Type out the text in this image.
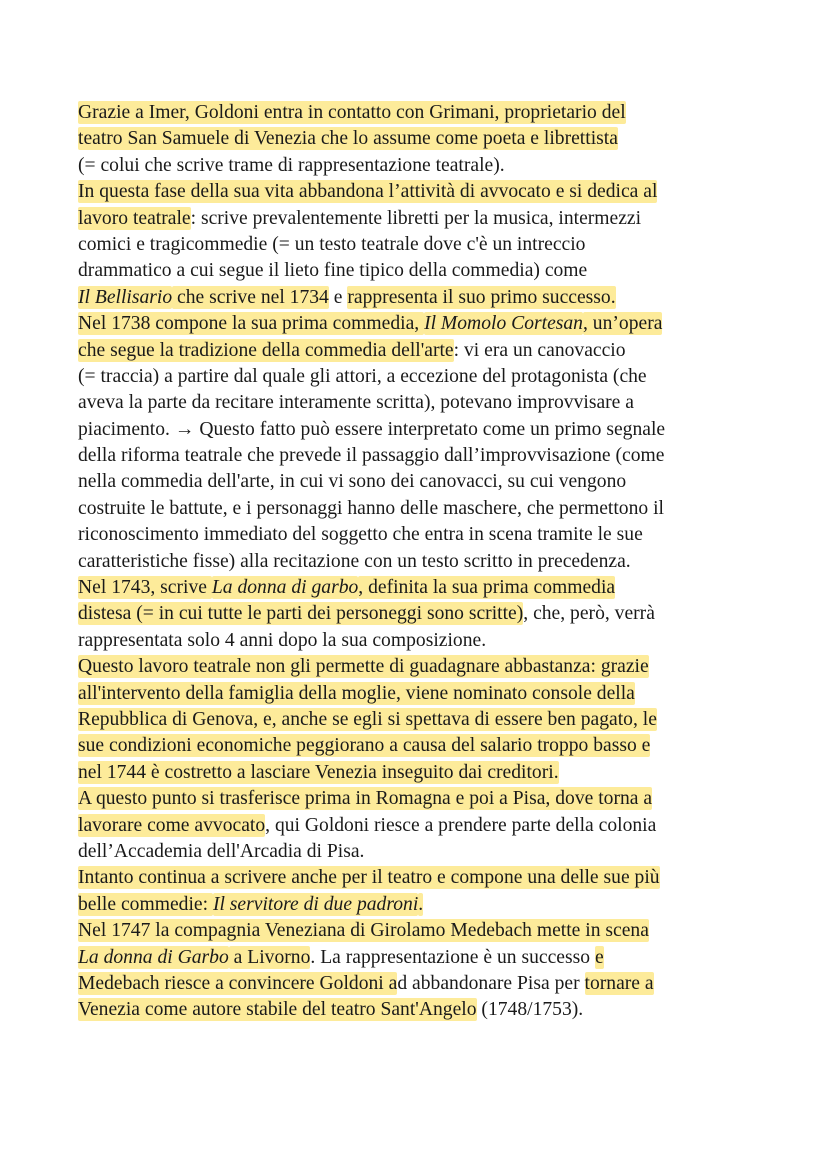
Grazie a Imer, Goldoni entra in contatto con Grimani, proprietario del
teatro San Samuele di Venezia che lo assume come poeta e librettista
(= colui che scrive trame di rappresentazione teatrale).
In questa fase della sua vita abbandona l’attività di avvocato e si dedica al
lavoro teatrale: scrive prevalentemente libretti per la musica, intermezzi
comici e tragicommedie (= un testo teatrale dove c'è un intreccio
drammatico a cui segue il lieto fine tipico della commedia) come
Il Bellisario che scrive nel 1734 e rappresenta il suo primo successo.
Nel 1738 compone la sua prima commedia, Il Momolo Cortesan, un’opera
che segue la tradizione della commedia dell'arte: vi era un canovaccio
(= traccia) a partire dal quale gli attori, a eccezione del protagonista (che
aveva la parte da recitare interamente scritta), potevano improvvisare a
piacimento. → Questo fatto può essere interpretato come un primo segnale
della riforma teatrale che prevede il passaggio dall’improvvisazione (come
nella commedia dell'arte, in cui vi sono dei canovacci, su cui vengono
costruite le battute, e i personaggi hanno delle maschere, che permettono il
riconoscimento immediato del soggetto che entra in scena tramite le sue
caratteristiche fisse) alla recitazione con un testo scritto in precedenza.
Nel 1743, scrive La donna di garbo, definita la sua prima commedia
distesa (= in cui tutte le parti dei personeggi sono scritte), che, però, verrà
rappresentata solo 4 anni dopo la sua composizione.
Questo lavoro teatrale non gli permette di guadagnare abbastanza: grazie
all'intervento della famiglia della moglie, viene nominato console della
Repubblica di Genova, e, anche se egli si spettava di essere ben pagato, le
sue condizioni economiche peggiorano a causa del salario troppo basso e
nel 1744 è costretto a lasciare Venezia inseguito dai creditori.
A questo punto si trasferisce prima in Romagna e poi a Pisa, dove torna a
lavorare come avvocato, qui Goldoni riesce a prendere parte della colonia
dell’Accademia dell'Arcadia di Pisa.
Intanto continua a scrivere anche per il teatro e compone una delle sue più
belle commedie: Il servitore di due padroni.
Nel 1747 la compagnia Veneziana di Girolamo Medebach mette in scena
La donna di Garbo a Livorno. La rappresentazione è un successo e
Medebach riesce a convincere Goldoni ad abbandonare Pisa per tornare a
Venezia come autore stabile del teatro Sant'Angelo (1748/1753).
